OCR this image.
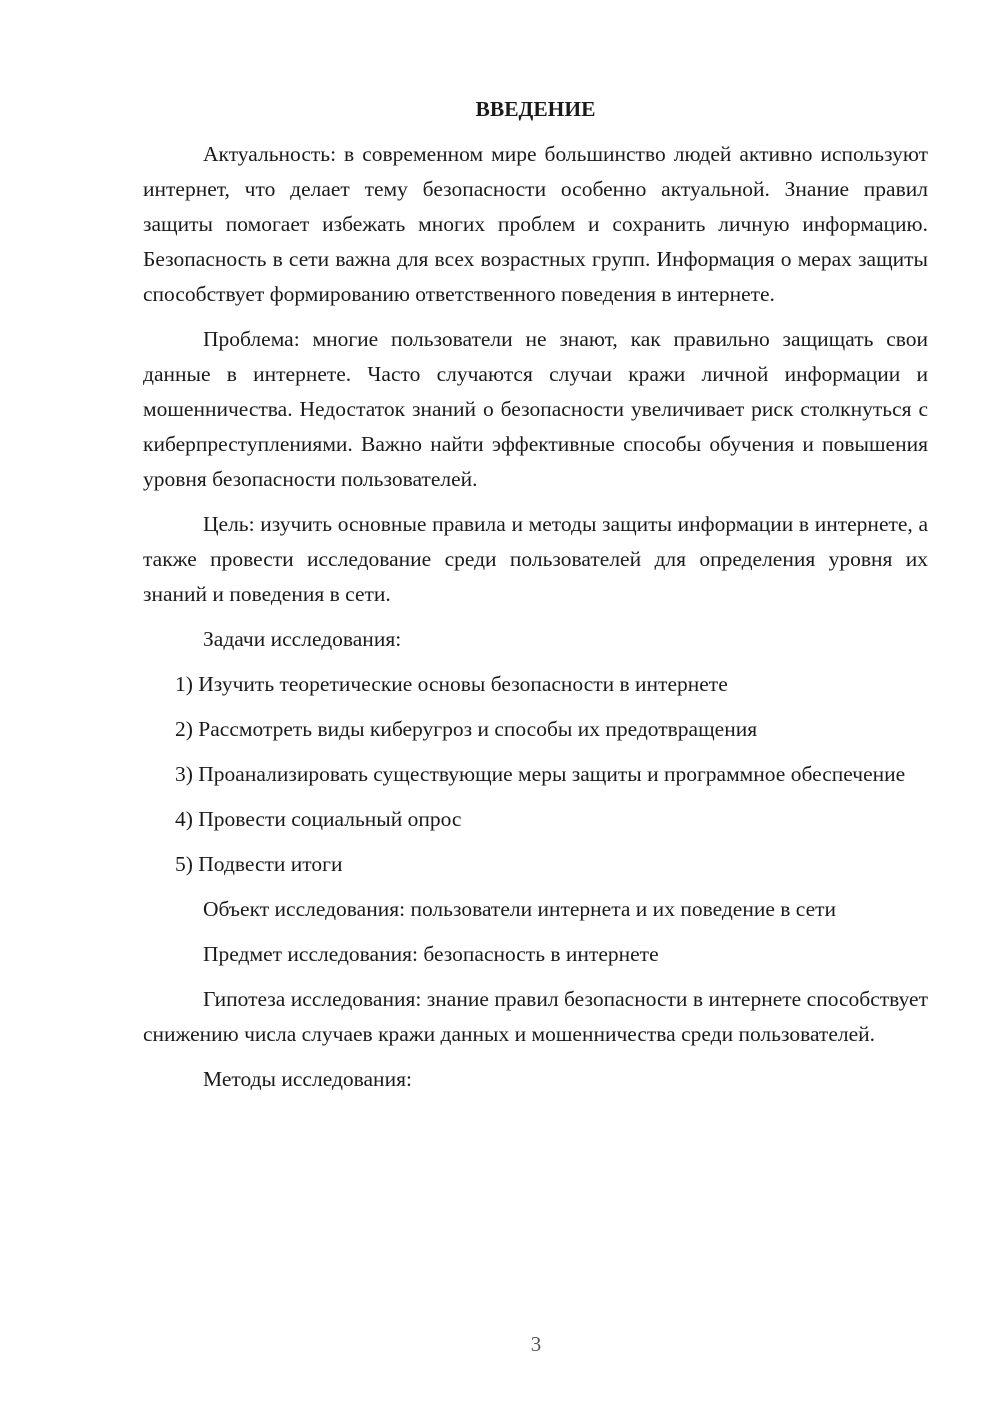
ВВЕДЕНИЕ

Актуальность: в современном мире большинство людей активно используют интернет, что делает тему безопасности особенно актуальной. Знание правил защиты помогает избежать многих проблем и сохранить личную информацию. Безопасность в сети важна для всех возрастных групп. Информация о мерах защиты способствует формированию ответственного поведения в интернете.

Проблема: многие пользователи не знают, как правильно защищать свои данные в интернете. Часто случаются случаи кражи личной информации и мошенничества. Недостаток знаний о безопасности увеличивает риск столкнуться с киберпреступлениями. Важно найти эффективные способы обучения и повышения уровня безопасности пользователей.

Цель: изучить основные правила и методы защиты информации в интернете, а также провести исследование среди пользователей для определения уровня их знаний и поведения в сети.

Задачи исследования:

1) Изучить теоретические основы безопасности в интернете

2) Рассмотреть виды киберугроз и способы их предотвращения

3) Проанализировать существующие меры защиты и программное обеспечение

4) Провести социальный опрос

5) Подвести итоги

Объект исследования: пользователи интернета и их поведение в сети

Предмет исследования: безопасность в интернете

Гипотеза исследования: знание правил безопасности в интернете способствует снижению числа случаев кражи данных и мошенничества среди пользователей.

Методы исследования:

3
